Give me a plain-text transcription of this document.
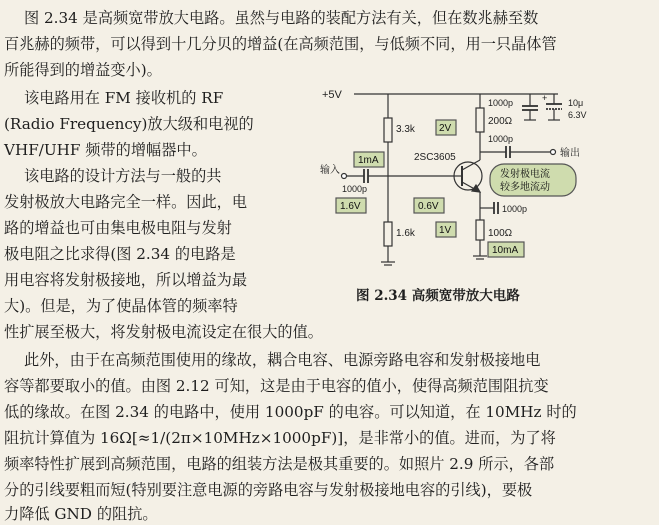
图 2.34 是高频宽带放大电路。虽然与电路的装配方法有关，但在数兆赫至数
百兆赫的频带，可以得到十几分贝的增益(在高频范围，与低频不同，用一只晶体管
所能得到的增益变小)。
该电路用在 FM 接收机的 RF
(Radio Frequency)放大级和电视的
VHF/UHF 频带的增幅器中。
该电路的设计方法与一般的共
发射极放大电路完全一样。因此，电
路的增益也可由集电极电阻与发射
极电阻之比求得(图 2.34 的电路是
用电容将发射极接地，所以增益为最
大)。但是，为了使晶体管的频率特
性扩展至极大，将发射极电流设定在很大的值。
此外，由于在高频范围使用的缘故，耦合电容、电源旁路电容和发射极接地电
容等都要取小的值。由图 2.12 可知，这是由于电容的值小，使得高频范围阻抗变
低的缘故。在图 2.34 的电路中，使用 1000pF 的电容。可以知道，在 10MHz 时的
阻抗计算值为 16Ω[≈1/(2π×10MHz×1000pF)]，是非常小的值。进而，为了将
频率特性扩展到高频范围，电路的组装方法是极其重要的。如照片 2.9 所示，各部
分的引线要粗而短(特别要注意电源的旁路电容与发射极接地电容的引线)，要极
力降低 GND 的阻抗。
+5V
3.3k
1.6k
输入
1000p
200Ω
1000p	+ 10μ
6.3V
2SC3605
1000p
输出
100Ω
1000p
2V
1mA
1.6V	0.6V
1V
10mA
发射极电流
较多地流动
图 2.34 高频宽带放大电路
